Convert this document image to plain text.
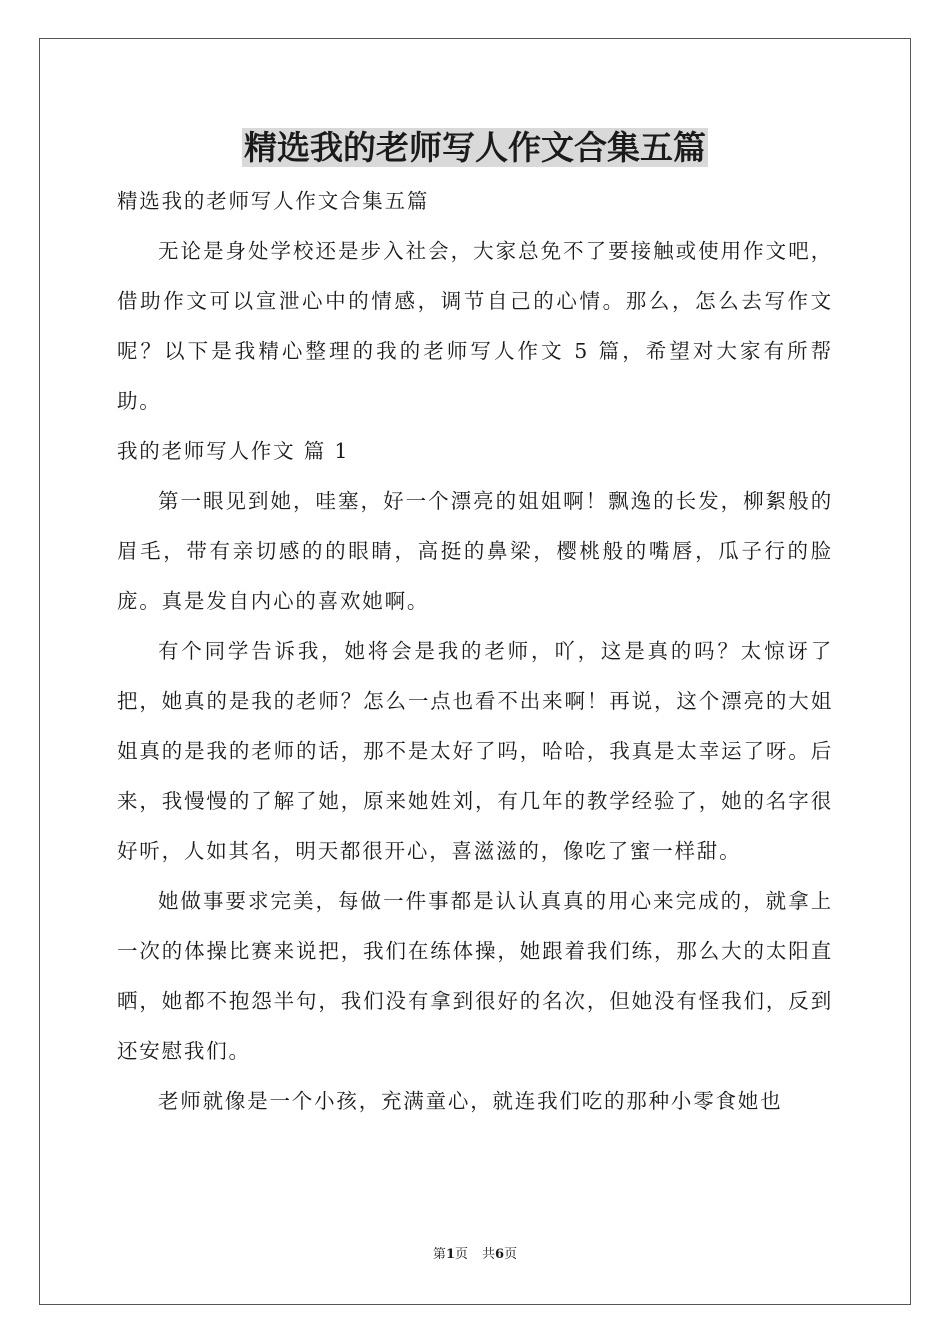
精选我的老师写人作文合集五篇

精选我的老师写人作文合集五篇

无论是身处学校还是步入社会，大家总免不了要接触或使用作文吧，借助作文可以宣泄心中的情感，调节自己的心情。那么，怎么去写作文呢？以下是我精心整理的我的老师写人作文 5 篇，希望对大家有所帮助。

我的老师写人作文 篇 1

第一眼见到她，哇塞，好一个漂亮的姐姐啊！飘逸的长发，柳絮般的眉毛，带有亲切感的的眼睛，高挺的鼻梁，樱桃般的嘴唇，瓜子行的脸庞。真是发自内心的喜欢她啊。

有个同学告诉我，她将会是我的老师，吖，这是真的吗？太惊讶了把，她真的是我的老师？怎么一点也看不出来啊！再说，这个漂亮的大姐姐真的是我的老师的话，那不是太好了吗，哈哈，我真是太幸运了呀。后来，我慢慢的了解了她，原来她姓刘，有几年的教学经验了，她的名字很好听，人如其名，明天都很开心，喜滋滋的，像吃了蜜一样甜。

她做事要求完美，每做一件事都是认认真真的用心来完成的，就拿上一次的体操比赛来说把，我们在练体操，她跟着我们练，那么大的太阳直晒，她都不抱怨半句，我们没有拿到很好的名次，但她没有怪我们，反到还安慰我们。

老师就像是一个小孩，充满童心，就连我们吃的那种小零食她也

第1页 共6页
